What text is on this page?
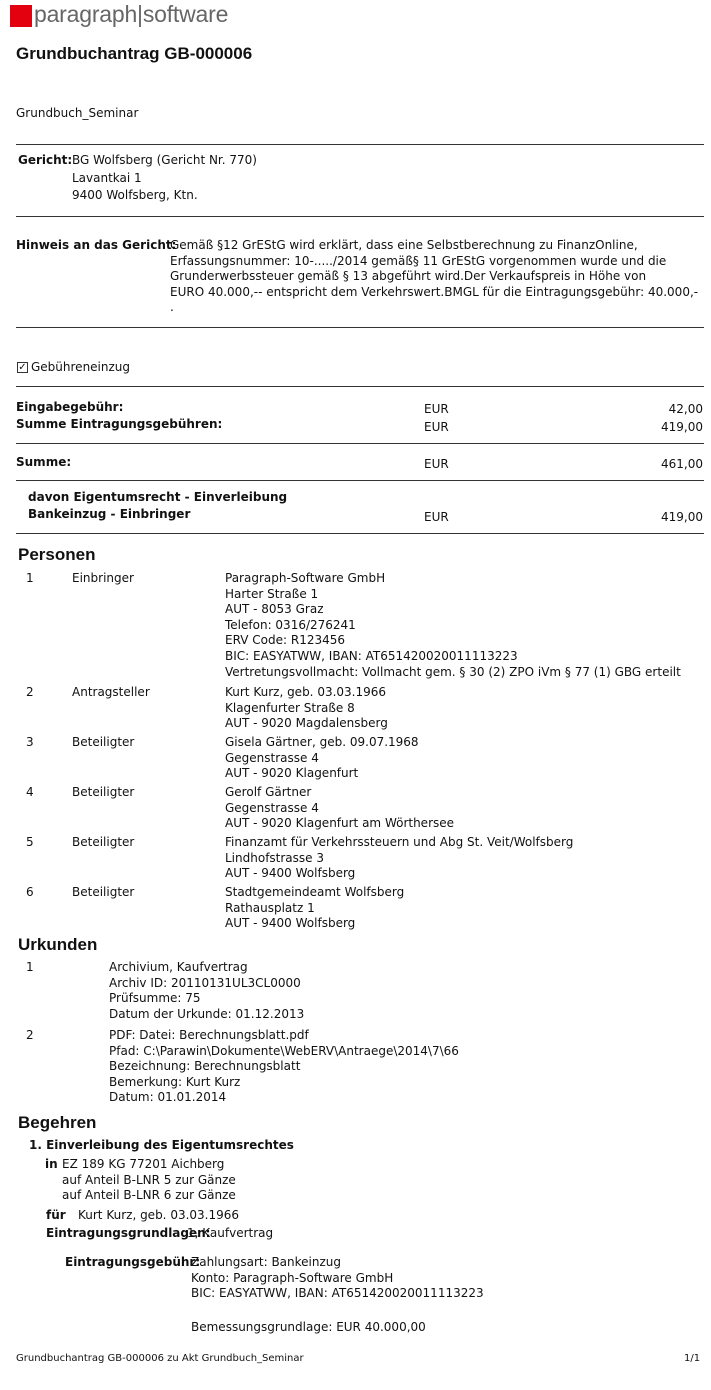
paragraph|software
Grundbuchantrag GB-000006
Grundbuch_Seminar
Gericht: BG Wolfsberg (Gericht Nr. 770)
Lavantkai 1
9400 Wolfsberg, Ktn.
Hinweis an das Gericht:
Gemäß §12 GrEStG wird erklärt, dass eine Selbstberechnung zu FinanzOnline,
Erfassungsnummer: 10-...../2014 gemäß§ 11 GrEStG vorgenommen wurde und die
Grunderwerbssteuer gemäß § 13 abgeführt wird.Der Verkaufspreis in Höhe von
EURO 40.000,-- entspricht dem Verkehrswert.BMGL für die Eintragungsgebühr: 40.000,-
.
✓ Gebühreneinzug
Eingabegebühr:	EUR	42,00
Summe Eintragungsgebühren:	EUR	419,00
Summe:	EUR	461,00
davon Eigentumsrecht - Einverleibung
Bankeinzug - Einbringer	EUR	419,00
Personen
1	Einbringer	Paragraph-Software GmbH
Harter Straße 1
AUT - 8053 Graz
Telefon: 0316/276241
ERV Code: R123456
BIC: EASYATWW, IBAN: AT651420020011113223
Vertretungsvollmacht: Vollmacht gem. § 30 (2) ZPO iVm § 77 (1) GBG erteilt
2	Antragsteller	Kurt Kurz, geb. 03.03.1966
Klagenfurter Straße 8
AUT - 9020 Magdalensberg
3	Beteiligter	Gisela Gärtner, geb. 09.07.1968
Gegenstrasse 4
AUT - 9020 Klagenfurt
4	Beteiligter	Gerolf Gärtner
Gegenstrasse 4
AUT - 9020 Klagenfurt am Wörthersee
5	Beteiligter	Finanzamt für Verkehrssteuern und Abg St. Veit/Wolfsberg
Lindhofstrasse 3
AUT - 9400 Wolfsberg
6	Beteiligter	Stadtgemeindeamt Wolfsberg
Rathausplatz 1
AUT - 9400 Wolfsberg
Urkunden
1	Archivium, Kaufvertrag
Archiv ID: 20110131UL3CL0000
Prüfsumme: 75
Datum der Urkunde: 01.12.2013
2	PDF: Datei: Berechnungsblatt.pdf
Pfad: C:\Parawin\Dokumente\WebERV\Antraege\2014\7\66
Bezeichnung: Berechnungsblatt
Bemerkung: Kurt Kurz
Datum: 01.01.2014
Begehren
1. Einverleibung des Eigentumsrechtes
in EZ 189 KG 77201 Aichberg
auf Anteil B-LNR 5 zur Gänze
auf Anteil B-LNR 6 zur Gänze
für Kurt Kurz, geb. 03.03.1966
Eintragungsgrundlagen:
1, Kaufvertrag
Eintragungsgebühr:
Zahlungsart: Bankeinzug
Konto: Paragraph-Software GmbH
BIC: EASYATWW, IBAN: AT651420020011113223
Bemessungsgrundlage: EUR 40.000,00
Grundbuchantrag GB-000006 zu Akt Grundbuch_Seminar	1/1
